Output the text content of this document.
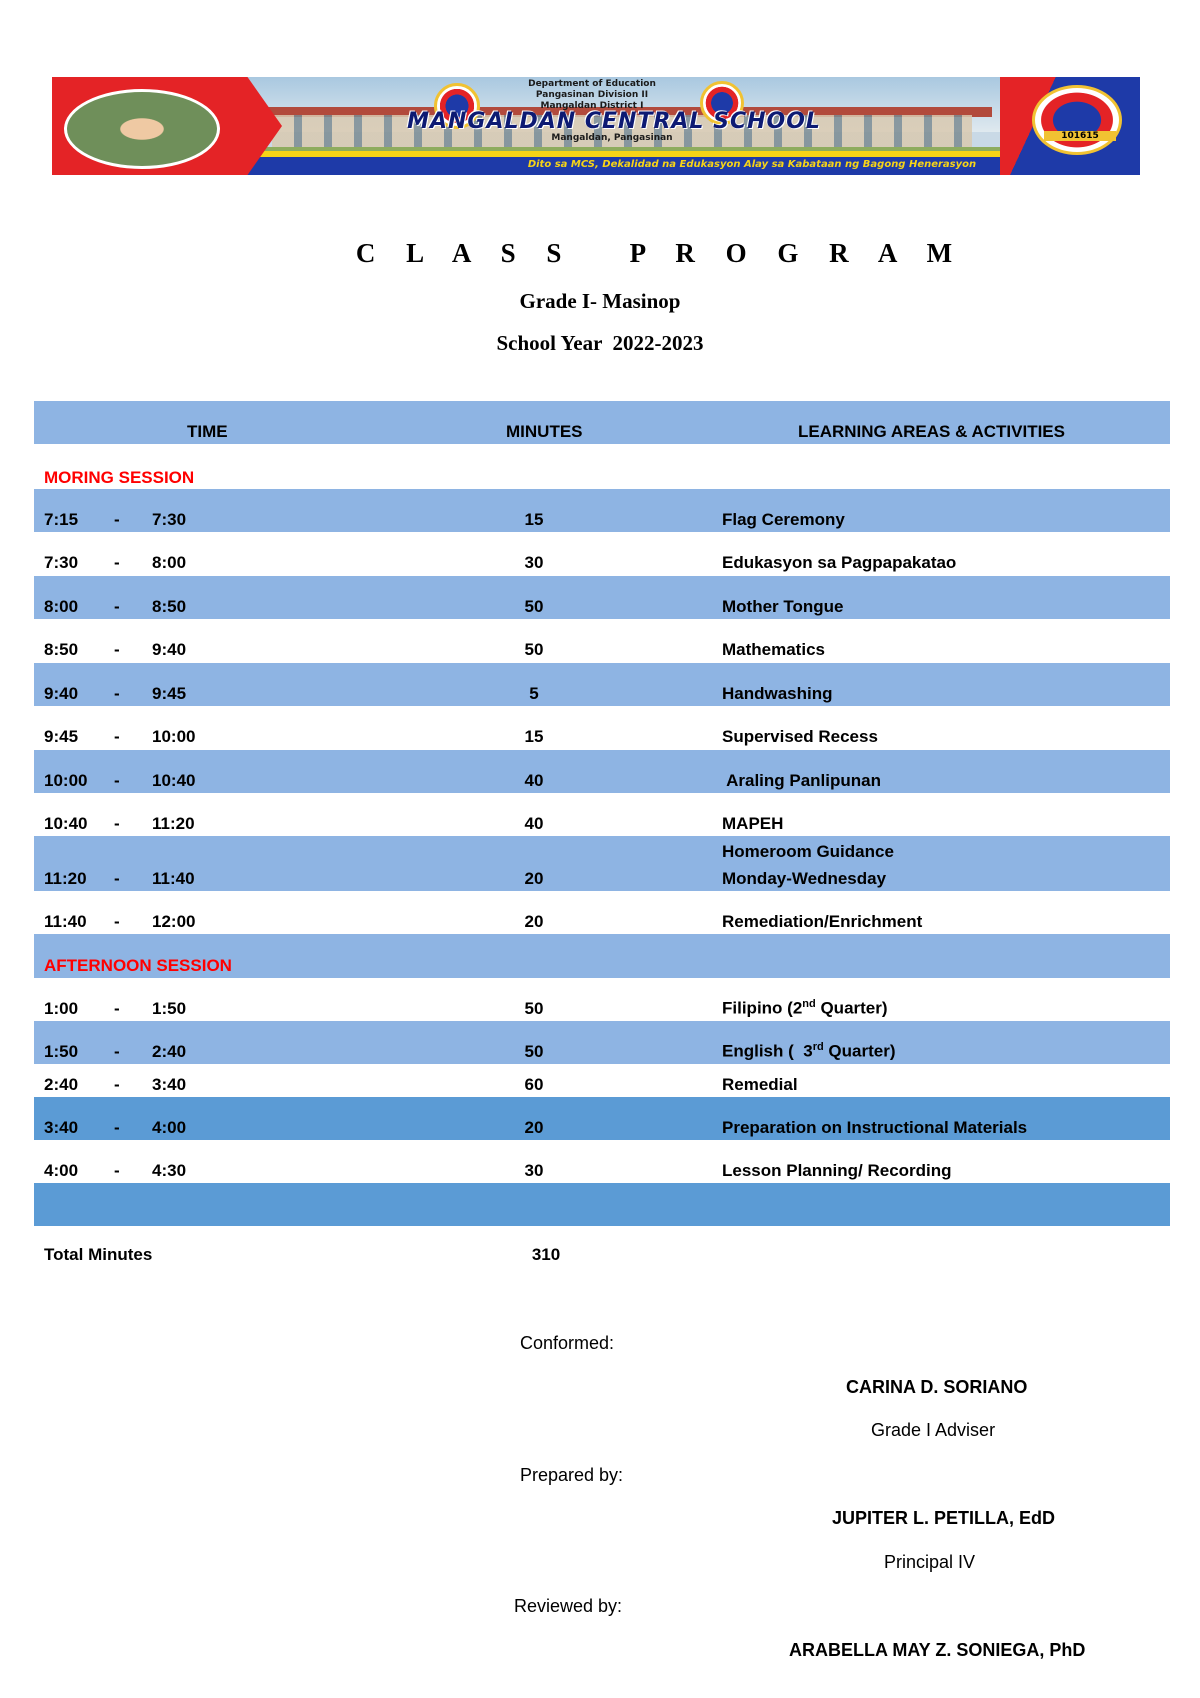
Department of Education
Pangasinan Division II
Mangaldan District I
MANGALDAN CENTRAL SCHOOL
Mangaldan, Pangasinan	101615
Dito sa MCS, Dekalidad na Edukasyon Alay sa Kabataan ng Bagong Henerasyon
C L A S S   P R O G R A M
Grade I- Masinop
School Year  2022-2023
TIME	MINUTES	LEARNING AREAS & ACTIVITIES
MORING SESSION
7:15 - 7:30	15	Flag Ceremony
7:30 - 8:00	30	Edukasyon sa Pagpapakatao
8:00 - 8:50	50	Mother Tongue
8:50 - 9:40	50	Mathematics
9:40 - 9:45	5	Handwashing
9:45 - 10:00	15	Supervised Recess
10:00 - 10:40	40	Araling Panlipunan
10:40 - 11:20	40	MAPEH
11:20 - 11:40	20
Homeroom Guidance
Monday-Wednesday
11:40 - 12:00	20	Remediation/Enrichment
1:00 - 1:50	50	Filipino (2nd Quarter)
1:50 - 2:40	50	English (  3rd Quarter)
2:40 - 3:40	60	Remedial
3:40 - 4:00	20	Preparation on Instructional Materials
4:00 - 4:30	30	Lesson Planning/ Recording
AFTERNOON SESSION
Total Minutes	310
Conformed:
CARINA D. SORIANO
Grade I Adviser
Prepared by:
JUPITER L. PETILLA, EdD
Principal IV
Reviewed by:
ARABELLA MAY Z. SONIEGA, PhD
